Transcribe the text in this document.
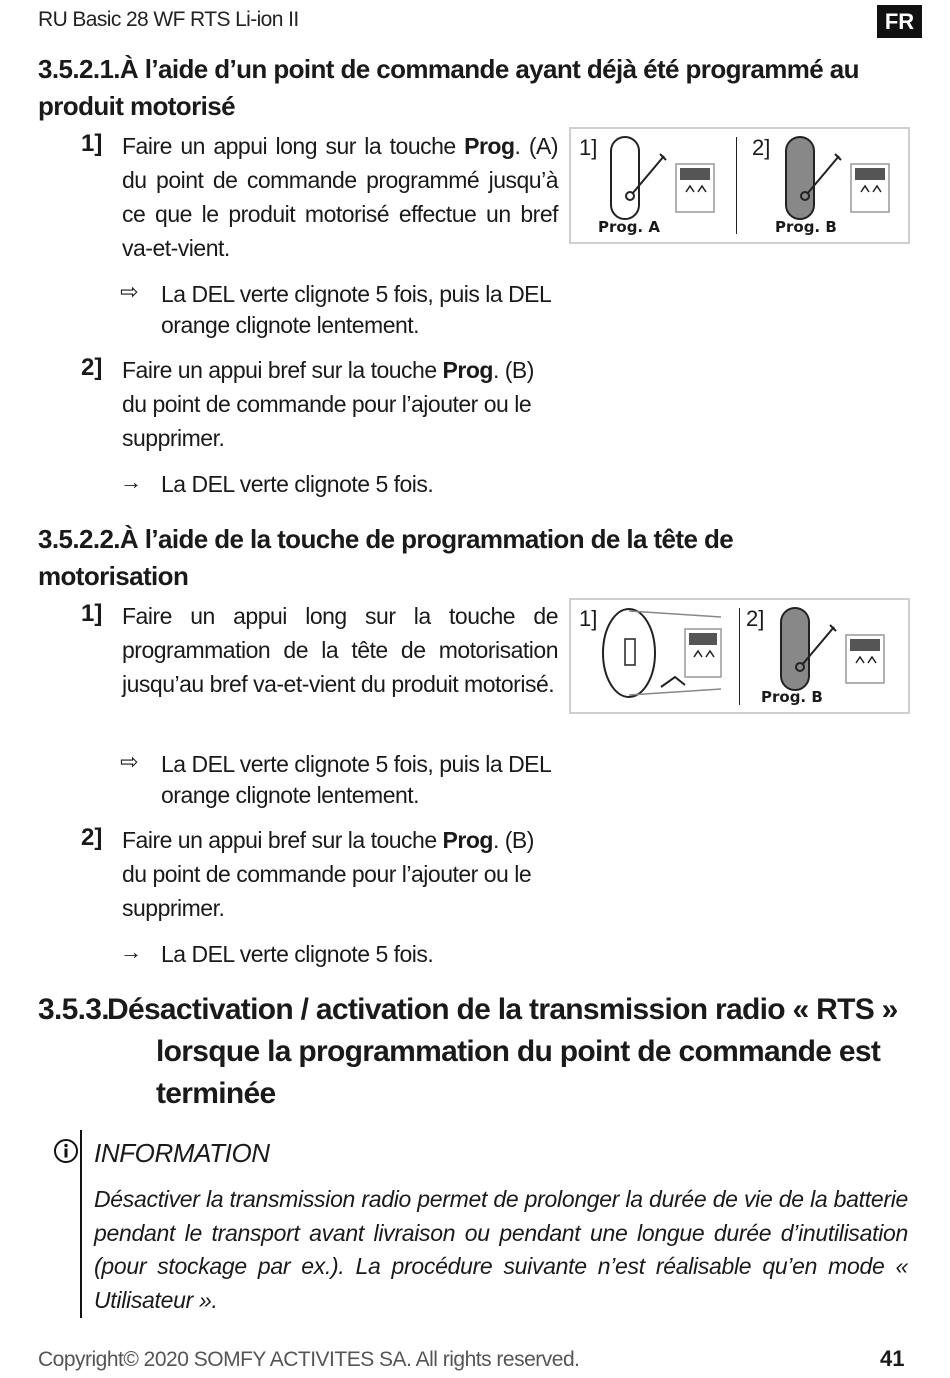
RU Basic 28 WF RTS Li-ion II	FR
3.5.2.1.À l’aide d’un point de commande ayant déjà été programmé au
produit motorisé
1] Faire un appui long sur la touche Prog. (A) du point de commande programmé jusqu’à ce que le produit motorisé effectue un bref va-et-vient.
⇨ La DEL verte clignote 5 fois, puis la DEL orange clignote lentement.
2] Faire un appui bref sur la touche Prog. (B) du point de commande pour l’ajouter ou le supprimer.
→ La DEL verte clignote 5 fois.
1]	2]
Prog. A	Prog. B
3.5.2.2.À l’aide de la touche de programmation de la tête de
motorisation
1] Faire un appui long sur la touche de programmation de la tête de motorisation jusqu’au bref va-et-vient du produit motorisé.
⇨ La DEL verte clignote 5 fois, puis la DEL orange clignote lentement.
2] Faire un appui bref sur la touche Prog. (B) du point de commande pour l’ajouter ou le supprimer.
→ La DEL verte clignote 5 fois.
1]	2]
Prog. B
3.5.3.
Désactivation / activation de la transmission radio « RTS »
lorsque la programmation du point de commande est
terminée
INFORMATION
Désactiver la transmission radio permet de prolonger la durée de vie de la batterie pendant le transport avant livraison ou pendant une longue durée d’inutilisation (pour stockage par ex.). La procédure suivante n’est réalisable qu’en mode « Utilisateur ».
Copyright© 2020 SOMFY ACTIVITES SA. All rights reserved.	41
